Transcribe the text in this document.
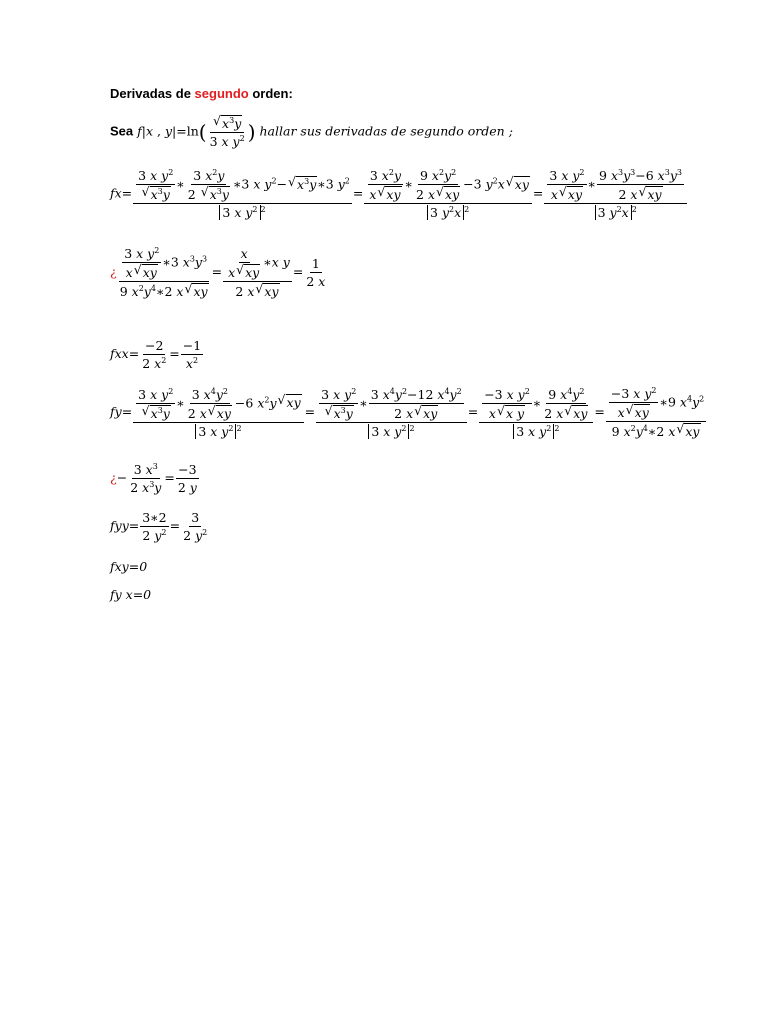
Derivadas de segundo orden:
Sea f|x , y|=ln(
√ $\frac{x^3y}{3 x y^2}$ ) hallar sus derivadas de segundo orden ;
fx= 3 x $y^2$
√ $x^3y$ ∗ $\frac{3 x^2y}{2 √ x^3y}$ ∗3 x $y^2-√$ $x^3y∗3$ $y^2$
3 x $y^2$ $^2 = \frac{\frac{3 x^2y}{x√ xy} ∗ \frac{9 x^2y^2}{2 x√ xy} -3 y^2x√ xy}{3 y^2x ^2} = \frac{\frac{3 x y^2}{x√ xy} ∗ \frac{9 x^3y^3-6 x^3y^3}{2 x√ xy}}{3 y^2x ^2}$
¿ $\frac{\frac{3 x y^2}{x√ xy} ∗3 x^3y^3}{9 x^2y^4∗2 x√ xy} = \frac{\frac{x}{x√ xy} ∗x y}{2 x√ xy} = \frac{1}{2 x}$
$fxx= \frac{-2}{2 x^2} = \frac{-1}{x^2}$
fy= 3 x $y^2$
√ $x^3y$ ∗ $\frac{3 x^4y^2}{2 x√ xy} -6$ $x^2y√$ xy
3 x $y^2$ $^2$ = 3 x $y^2$
√ $x^3y$ ∗ $\frac{3 x^4y^2-12 x^4y^2}{2 x√ xy}$
3 x $y^2$ $^2 = \frac{\frac{-3 x y^2}{\text{x√ x y}} ∗ \frac{9 x^4y^2}{2 x√ xy}}{3 x y^2 ^2} = \frac{\frac{-3 x y^2}{x√ xy} ∗9 x^4y^2}{9 x^2y^4∗2 x√ xy}$
¿− $\frac{3 x^3}{2 x^3y} = \frac{-3}{2 y}$
$fyy= \frac{3∗2}{2 y^2} = \frac{3}{2 y^2}$
fxy=0
fy x=0
